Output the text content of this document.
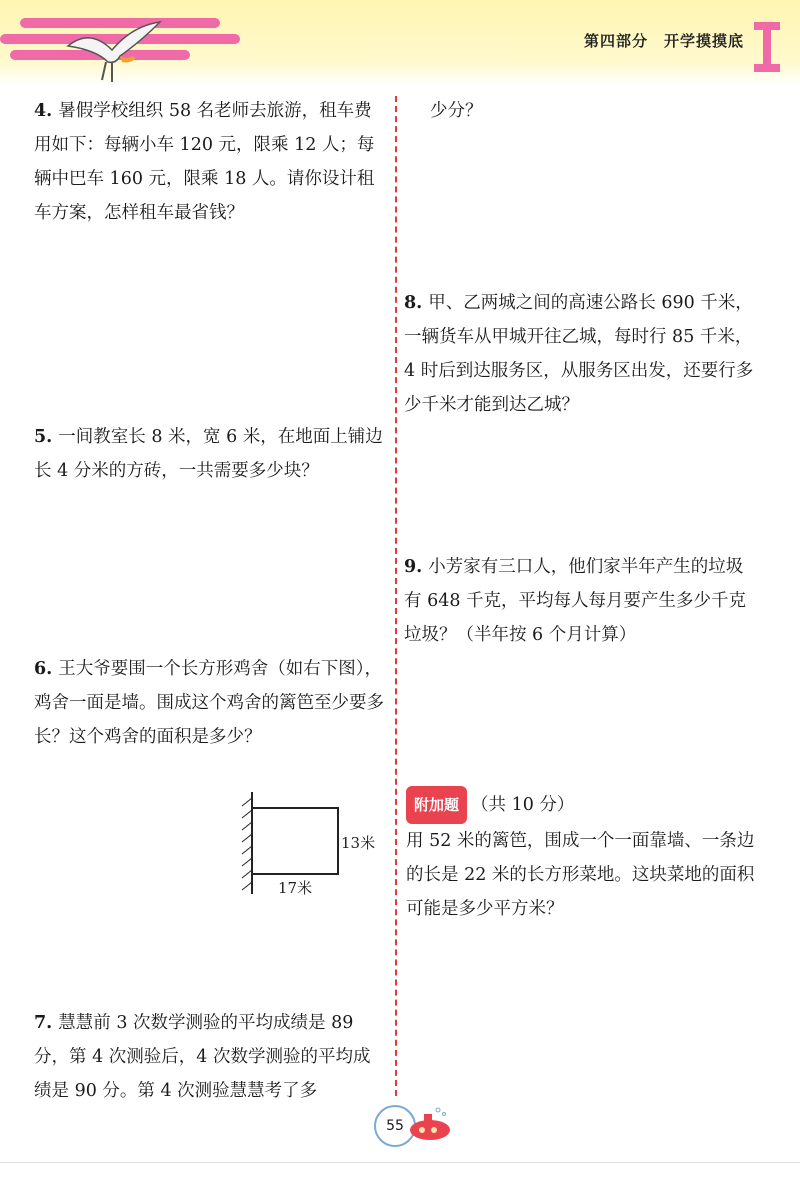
第四部分　开学摸摸底
4. 暑假学校组织 58 名老师去旅游，租车费用如下：每辆小车 120 元，限乘 12 人；每辆中巴车 160 元，限乘 18 人。请你设计租车方案，怎样租车最省钱？
5. 一间教室长 8 米，宽 6 米，在地面上铺边长 4 分米的方砖，一共需要多少块？
6. 王大爷要围一个长方形鸡舍（如右下图），鸡舍一面是墙。围成这个鸡舍的篱笆至少要多长？这个鸡舍的面积是多少？
13米
17米
7. 慧慧前 3 次数学测验的平均成绩是 89 分，第 4 次测验后，4 次数学测验的平均成绩是 90 分。第 4 次测验慧慧考了多
少分？
8. 甲、乙两城之间的高速公路长 690 千米，一辆货车从甲城开往乙城，每时行 85 千米，4 时后到达服务区，从服务区出发，还要行多少千米才能到达乙城？
9. 小芳家有三口人，他们家半年产生的垃圾有 648 千克，平均每人每月要产生多少千克垃圾？（半年按 6 个月计算）
附加题 （共 10 分）
用 52 米的篱笆，围成一个一面靠墙、一条边的长是 22 米的长方形菜地。这块菜地的面积可能是多少平方米？
55
